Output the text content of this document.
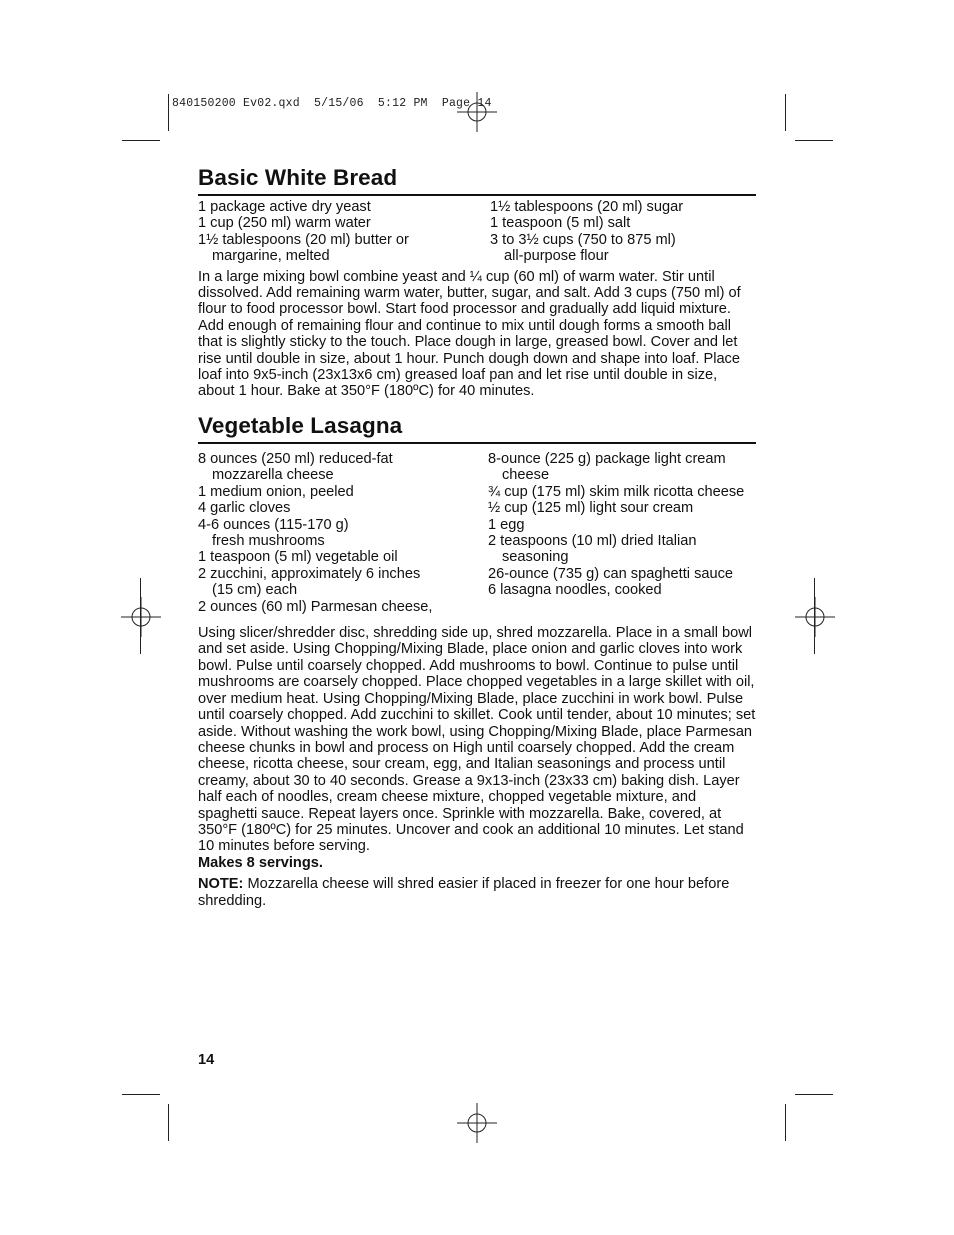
840150200 Ev02.qxd  5/15/06  5:12 PM  Page 14
Basic White Bread
1 package active dry yeast
1 cup (250 ml) warm water
1½ tablespoons (20 ml) butter or
margarine, melted
1½ tablespoons (20 ml) sugar
1 teaspoon (5 ml) salt
3 to 3½ cups (750 to 875 ml)
all-purpose flour

In a large mixing bowl combine yeast and ¼ cup (60 ml) of warm water. Stir until dissolved. Add remaining warm water, butter, sugar, and salt. Add 3 cups (750 ml) of flour to food processor bowl. Start food processor and gradually add liquid mixture. Add enough of remaining flour and continue to mix until dough forms a smooth ball that is slightly sticky to the touch. Place dough in large, greased bowl. Cover and let rise until double in size, about 1 hour. Punch dough down and shape into loaf. Place loaf into 9x5-inch (23x13x6 cm) greased loaf pan and let rise until double in size, about 1 hour. Bake at 350°F (180ºC) for 40 minutes.

Vegetable Lasagna
8 ounces (250 ml) reduced-fat
mozzarella cheese
1 medium onion, peeled
4 garlic cloves
4-6 ounces (115-170 g)
fresh mushrooms
1 teaspoon (5 ml) vegetable oil
2 zucchini, approximately 6 inches
(15 cm) each
2 ounces (60 ml) Parmesan cheese,
8-ounce (225 g) package light cream
cheese
¾ cup (175 ml) skim milk ricotta cheese
½ cup (125 ml) light sour cream
1 egg
2 teaspoons (10 ml) dried Italian
seasoning
26-ounce (735 g) can spaghetti sauce
6 lasagna noodles, cooked

Using slicer/shredder disc, shredding side up, shred mozzarella. Place in a small bowl and set aside. Using Chopping/Mixing Blade, place onion and garlic cloves into work bowl. Pulse until coarsely chopped. Add mushrooms to bowl. Continue to pulse until mushrooms are coarsely chopped. Place chopped vegetables in a large skillet with oil, over medium heat. Using Chopping/Mixing Blade, place zucchini in work bowl. Pulse until coarsely chopped. Add zucchini to skillet. Cook until tender, about 10 minutes; set aside. Without washing the work bowl, using Chopping/Mixing Blade, place Parmesan cheese chunks in bowl and process on High until coarsely chopped. Add the cream cheese, ricotta cheese, sour cream, egg, and Italian seasonings and process until creamy, about 30 to 40 seconds. Grease a 9x13-inch (23x33 cm) baking dish. Layer half each of noodles, cream cheese mixture, chopped vegetable mixture, and spaghetti sauce. Repeat layers once. Sprinkle with mozzarella. Bake, covered, at 350°F (180ºC) for 25 minutes. Uncover and cook an additional 10 minutes. Let stand 10 minutes before serving.

Makes 8 servings.

NOTE: Mozzarella cheese will shred easier if placed in freezer for one hour before shredding.

14
